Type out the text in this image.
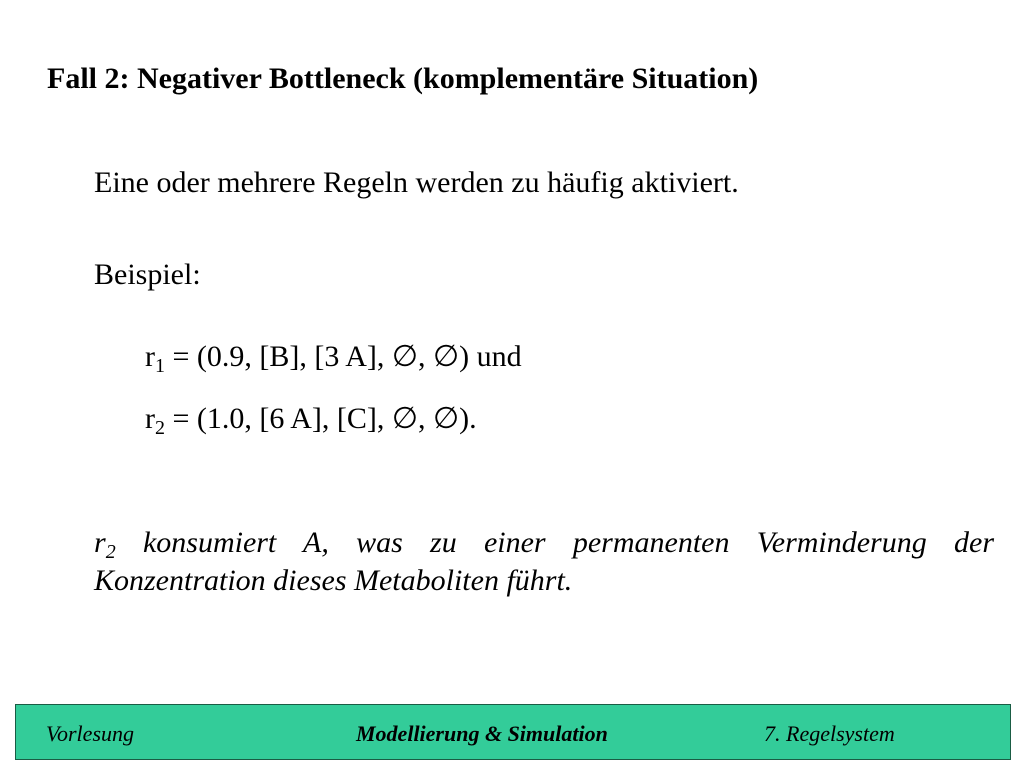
Fall 2: Negativer Bottleneck (komplementäre Situation)
Eine oder mehrere Regeln werden zu häufig aktiviert.
Beispiel:
$r_1 = (0.9$, [B], [3 A], ∅, ∅) und
$r_2 = (1.0$, [6 A], [C], ∅, ∅).
$r_2$ konsumiert A, was zu einer permanenten Verminderung der Konzentration dieses Metaboliten führt.
Vorlesung	Modellierung & Simulation	7. Regelsystem
